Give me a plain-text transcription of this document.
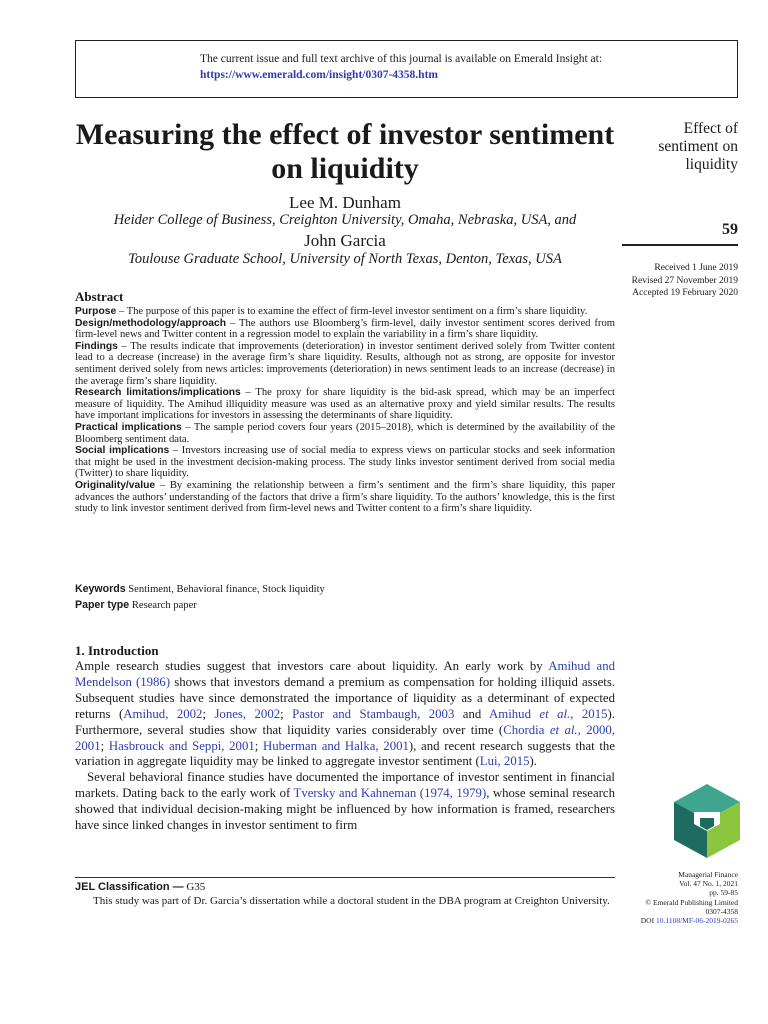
The current issue and full text archive of this journal is available on Emerald Insight at:
https://www.emerald.com/insight/0307-4358.htm
Measuring the effect of investor sentiment on liquidity
Lee M. Dunham
Heider College of Business, Creighton University, Omaha, Nebraska, USA, and
John Garcia
Toulouse Graduate School, University of North Texas, Denton, Texas, USA
Effect of
sentiment on
liquidity
59
Received 1 June 2019
Revised 27 November 2019
Accepted 19 February 2020
Abstract

Purpose – The purpose of this paper is to examine the effect of firm-level investor sentiment on a firm’s share liquidity.

Design/methodology/approach – The authors use Bloomberg’s firm-level, daily investor sentiment scores derived from firm-level news and Twitter content in a regression model to explain the variability in a firm’s share liquidity.

Findings – The results indicate that improvements (deterioration) in investor sentiment derived solely from Twitter content lead to a decrease (increase) in the average firm’s share liquidity. Results, although not as strong, are opposite for investor sentiment derived solely from news articles: improvements (deterioration) in news sentiment leads to an increase (decrease) in the average firm’s share liquidity.

Research limitations/implications – The proxy for share liquidity is the bid-ask spread, which may be an imperfect measure of liquidity. The Amihud illiquidity measure was used as an alternative proxy and yield similar results. The results have important implications for investors in assessing the determinants of share liquidity.

Practical implications – The sample period covers four years (2015–2018), which is determined by the availability of the Bloomberg sentiment data.

Social implications – Investors increasing use of social media to express views on particular stocks and seek information that might be used in the investment decision-making process. The study links investor sentiment derived from social media (Twitter) to share liquidity.

Originality/value – By examining the relationship between a firm’s sentiment and the firm’s share liquidity, this paper advances the authors’ understanding of the factors that drive a firm’s share liquidity. To the authors’ knowledge, this is the first study to link investor sentiment derived from firm-level news and Twitter content to a firm’s share liquidity.

Keywords Sentiment, Behavioral finance, Stock liquidity
Paper type Research paper
1. Introduction

Ample research studies suggest that investors care about liquidity. An early work by Amihud and Mendelson (1986) shows that investors demand a premium as compensation for holding illiquid assets. Subsequent studies have since demonstrated the importance of liquidity as a determinant of expected returns (Amihud, 2002; Jones, 2002; Pastor and Stambaugh, 2003 and Amihud et al., 2015). Furthermore, several studies show that liquidity varies considerably over time (Chordia et al., 2000, 2001; Hasbrouck and Seppi, 2001; Huberman and Halka, 2001), and recent research suggests that the variation in aggregate liquidity may be linked to aggregate investor sentiment (Lui, 2015).

Several behavioral finance studies have documented the importance of investor sentiment in financial markets. Dating back to the early work of Tversky and Kahneman (1974, 1979), whose seminal research showed that individual decision-making might be influenced by how information is framed, researchers have since linked changes in investor sentiment to firm

JEL Classification — G35
This study was part of Dr. Garcia’s dissertation while a doctoral student in the DBA program at Creighton University.
Managerial Finance
Vol. 47 No. 1, 2021
pp. 59-85
© Emerald Publishing Limited
0307-4358
DOI 10.1108/MF-06-2019-0265
